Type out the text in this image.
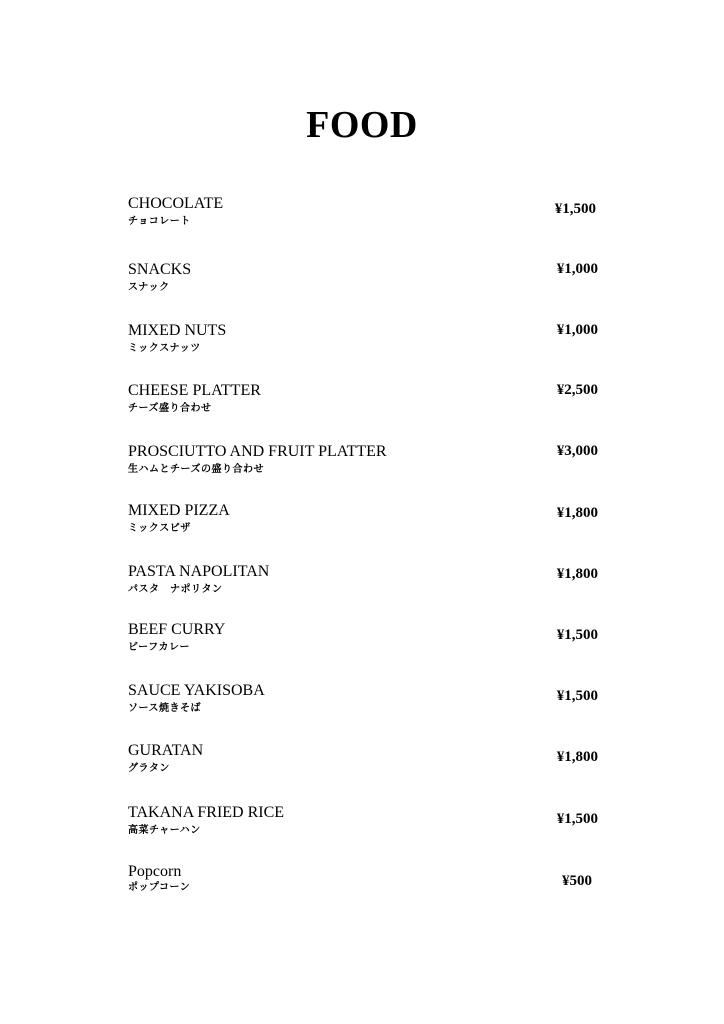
FOOD
CHOCOLATE
チョコレート
¥1,500
SNACKS
スナック
¥1,000
MIXED NUTS
ミックスナッツ
¥1,000
CHEESE PLATTER
チーズ盛り合わせ
¥2,500
PROSCIUTTO AND FRUIT PLATTER
生ハムとチーズの盛り合わせ
¥3,000
MIXED PIZZA
ミックスピザ
¥1,800
PASTA NAPOLITAN
パスタ　ナポリタン
¥1,800
BEEF CURRY
ビーフカレー
¥1,500
SAUCE YAKISOBA
ソース焼きそば
¥1,500
GURATAN
グラタン
¥1,800
TAKANA FRIED RICE
高菜チャーハン
¥1,500
Popcorn
ポップコーン	¥500
